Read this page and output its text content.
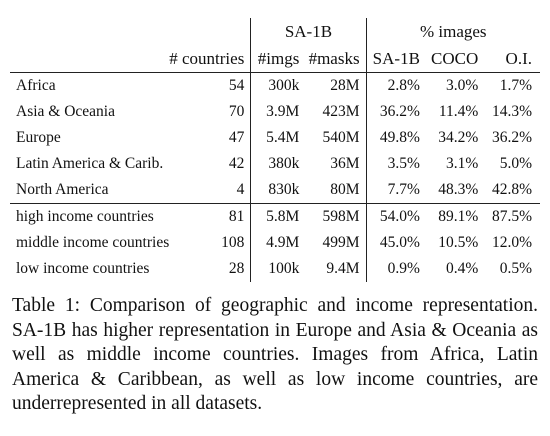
		SA-1B		% images		
	# countries	#imgs	#masks	SA-1B	COCO	O.I.
Africa	54	300k	28M	2.8%	3.0%	1.7%
Asia & Oceania	70	3.9M	423M	36.2%	11.4%	14.3%
Europe	47	5.4M	540M	49.8%	34.2%	36.2%
Latin America & Carib.	42	380k	36M	3.5%	3.1%	5.0%
North America	4	830k	80M	7.7%	48.3%	42.8%
high income countries	81	5.8M	598M	54.0%	89.1%	87.5%
middle income countries	108	4.9M	499M	45.0%	10.5%	12.0%
low income countries	28	100k	9.4M	0.9%	0.4%	0.5%

Table 1: Comparison of geographic and income representation. SA-1B has higher representation in Europe and Asia & Oceania as well as middle income countries. Images from Africa, Latin America & Caribbean, as well as low income countries, are underrepresented in all datasets.
